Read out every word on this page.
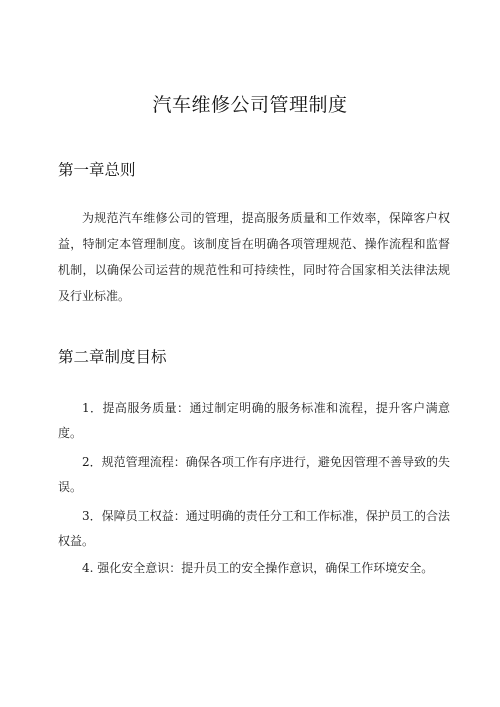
汽车维修公司管理制度
第一章总则
为规范汽车维修公司的管理，提高服务质量和工作效率，保障客户权益，特制定本管理制度。该制度旨在明确各项管理规范、操作流程和监督机制，以确保公司运营的规范性和可持续性，同时符合国家相关法律法规及行业标准。
第二章制度目标
1．提高服务质量：通过制定明确的服务标准和流程，提升客户满意度。
2．规范管理流程：确保各项工作有序进行，避免因管理不善导致的失误。
3．保障员工权益：通过明确的责任分工和工作标准，保护员工的合法权益。
4. 强化安全意识：提升员工的安全操作意识，确保工作环境安全。
